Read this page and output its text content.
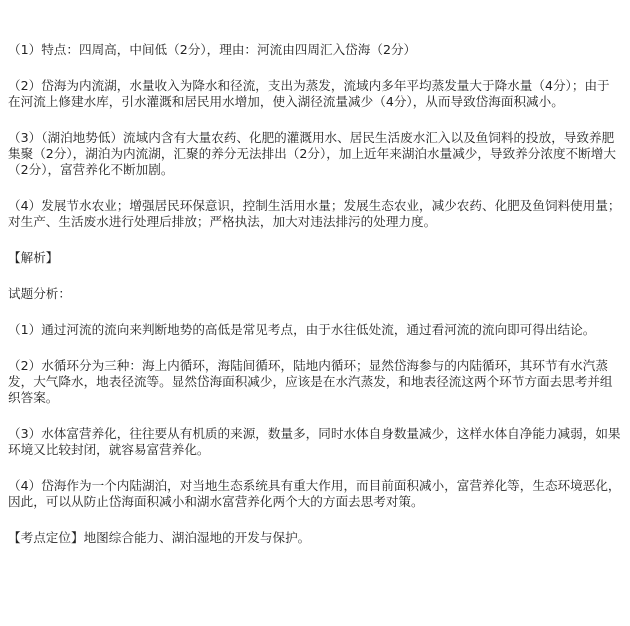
（1）特点：四周高，中间低（2分），理由：河流由四周汇入岱海（2分）

（2）岱海为内流湖，水量收入为降水和径流，支出为蒸发，流域内多年平均蒸发量大于降水量（4分）；由于在河流上修建水库，引水灌溉和居民用水增加，使入湖径流量减少（4分），从而导致岱海面积减小。

（3）（湖泊地势低）流域内含有大量农药、化肥的灌溉用水、居民生活废水汇入以及鱼饲料的投放，导致养肥集聚（2分），湖泊为内流湖，汇聚的养分无法排出（2分），加上近年来湖泊水量减少，导致养分浓度不断增大（2分），富营养化不断加剧。

（4）发展节水农业；增强居民环保意识，控制生活用水量；发展生态农业，减少农药、化肥及鱼饲料使用量；对生产、生活废水进行处理后排放；严格执法，加大对违法排污的处理力度。

【解析】

试题分析：

（1）通过河流的流向来判断地势的高低是常见考点，由于水往低处流，通过看河流的流向即可得出结论。

（2）水循环分为三种：海上内循环，海陆间循环，陆地内循环；显然岱海参与的内陆循环，其环节有水汽蒸发，大气降水，地表径流等。显然岱海面积减少，应该是在水汽蒸发，和地表径流这两个环节方面去思考并组织答案。

（3）水体富营养化，往往要从有机质的来源，数量多，同时水体自身数量减少，这样水体自净能力减弱，如果环境又比较封闭，就容易富营养化。

（4）岱海作为一个内陆湖泊，对当地生态系统具有重大作用，而目前面积减小，富营养化等，生态环境恶化，因此，可以从防止岱海面积减小和湖水富营养化两个大的方面去思考对策。

【考点定位】地图综合能力、湖泊湿地的开发与保护。
